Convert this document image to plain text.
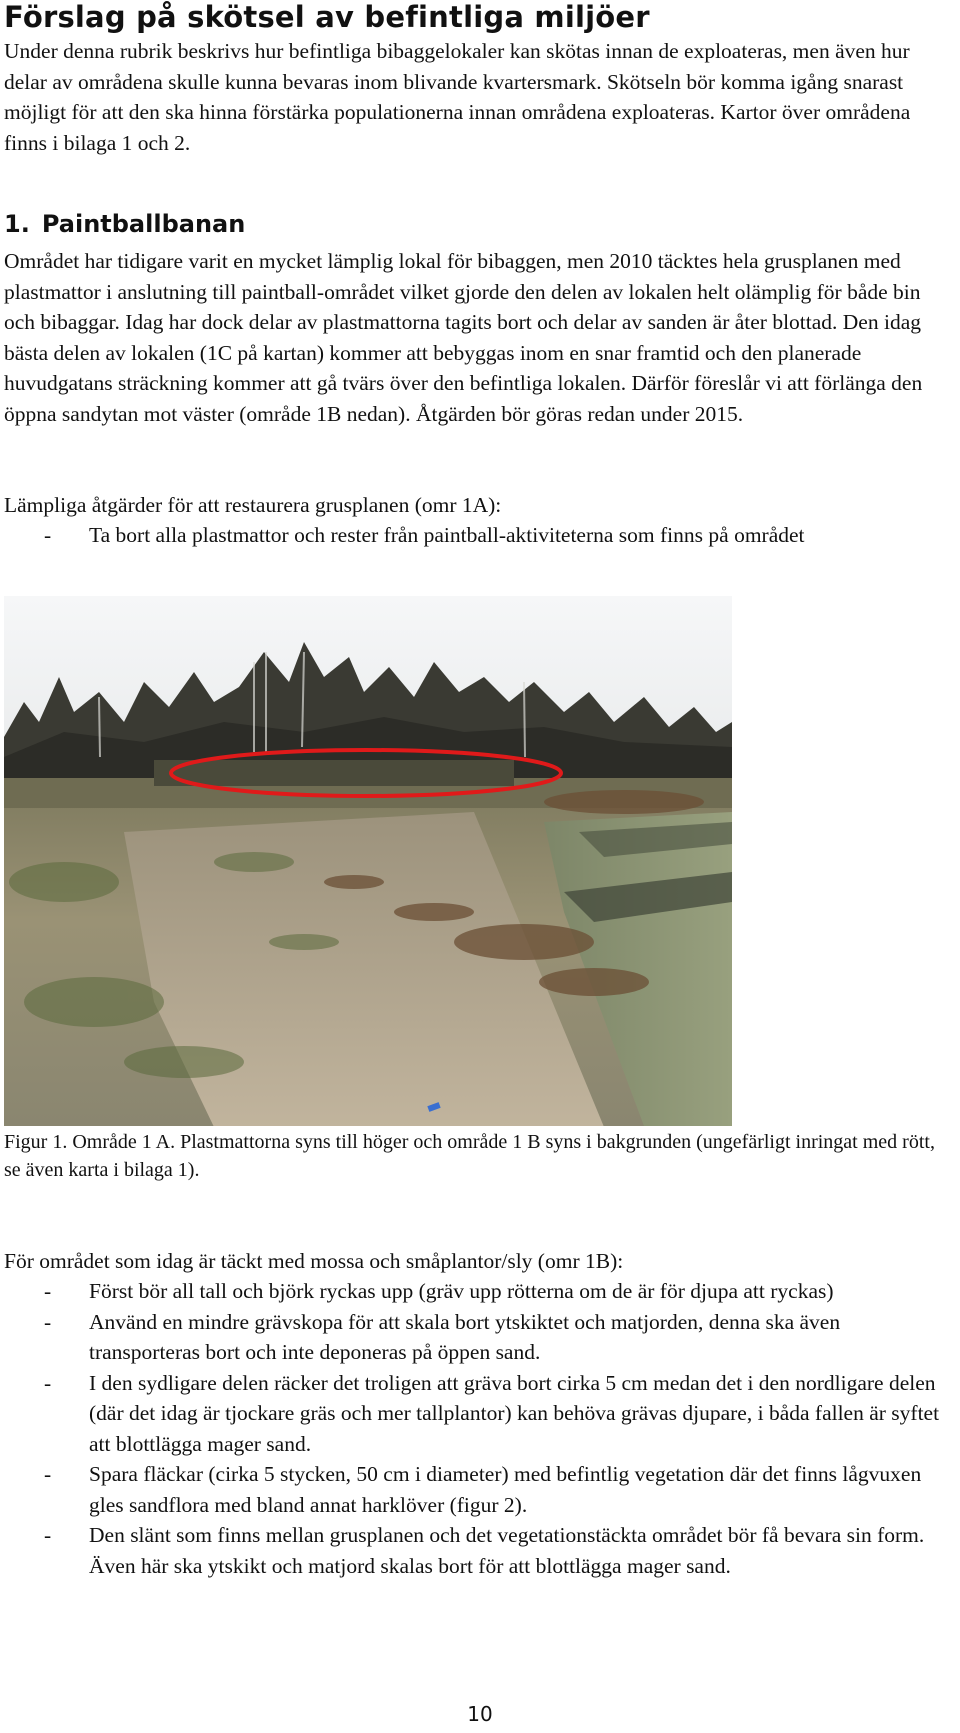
Förslag på skötsel av befintliga miljöer

Under denna rubrik beskrivs hur befintliga bibaggelokaler kan skötas innan de exploateras, men även hur delar av områdena skulle kunna bevaras inom blivande kvartersmark. Skötseln bör komma igång snarast möjligt för att den ska hinna förstärka populationerna innan områdena exploateras. Kartor över områdena finns i bilaga 1 och 2.

1. Paintballbanan

Området har tidigare varit en mycket lämplig lokal för bibaggen, men 2010 täcktes hela grusplanen med plastmattor i anslutning till paintball-området vilket gjorde den delen av lokalen helt olämplig för både bin och bibaggar. Idag har dock delar av plastmattorna tagits bort och delar av sanden är åter blottad. Den idag bästa delen av lokalen (1C på kartan) kommer att bebyggas inom en snar framtid och den planerade huvudgatans sträckning kommer att gå tvärs över den befintliga lokalen. Därför föreslår vi att förlänga den öppna sandytan mot väster (område 1B nedan). Åtgärden bör göras redan under 2015.

Lämpliga åtgärder för att restaurera grusplanen (omr 1A):

- Ta bort alla plastmattor och rester från paintball-aktiviteterna som finns på området

Figur 1. Område 1 A. Plastmattorna syns till höger och område 1 B syns i bakgrunden (ungefärligt inringat med rött, se även karta i bilaga 1).

För området som idag är täckt med mossa och småplantor/sly (omr 1B):

- Först bör all tall och björk ryckas upp (gräv upp rötterna om de är för djupa att ryckas)
- Använd en mindre grävskopa för att skala bort ytskiktet och matjorden, denna ska även transporteras bort och inte deponeras på öppen sand.
- I den sydligare delen räcker det troligen att gräva bort cirka 5 cm medan det i den nordligare delen (där det idag är tjockare gräs och mer tallplantor) kan behöva grävas djupare, i båda fallen är syftet att blottlägga mager sand.
- Spara fläckar (cirka 5 stycken, 50 cm i diameter) med befintlig vegetation där det finns lågvuxen gles sandflora med bland annat harklöver (figur 2).
- Den slänt som finns mellan grusplanen och det vegetationstäckta området bör få bevara sin form. Även här ska ytskikt och matjord skalas bort för att blottlägga mager sand.

10
